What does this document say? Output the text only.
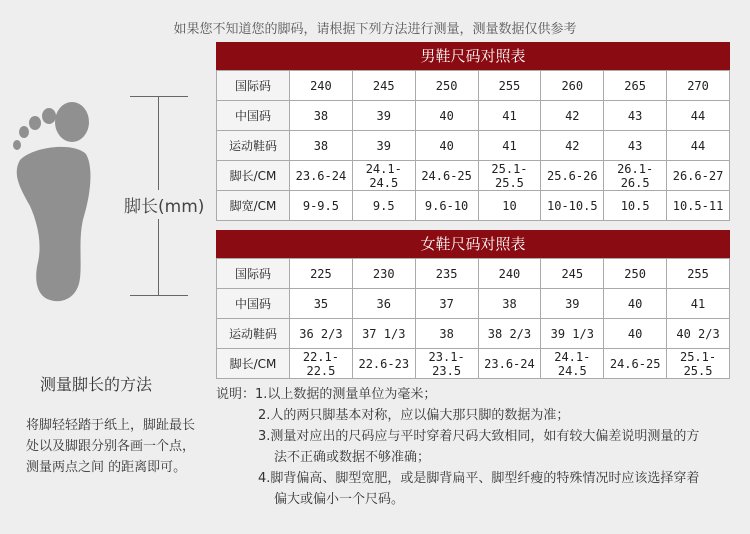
如果您不知道您的脚码，请根据下列方法进行测量，测量数据仅供参考
脚长(mm)
男鞋尺码对照表
国际码	240	245	250	255	260	265	270
中国码	38	39	40	41	42	43	44
运动鞋码	38	39	40	41	42	43	44
脚长/CM	23.6-24	24.1-24.5	24.6-25	25.1-25.5	25.6-26	26.1-26.5	26.6-27
脚宽/CM	9-9.5	9.5	9.6-10	10	10-10.5	10.5	10.5-11
女鞋尺码对照表
国际码	225	230	235	240	245	250	255
中国码	35	36	37	38	39	40	41
运动鞋码	36 2/3	37 1/3	38	38 2/3	39 1/3	40	40 2/3
脚长/CM	22.1-22.5	22.6-23	23.1-23.5	23.6-24	24.1-24.5	24.6-25	25.1-25.5
测量脚长的方法
将脚轻轻踏于纸上，脚趾最长处以及脚跟分别各画一个点，测量两点之间 的距离即可。
说明：1.以上数据的测量单位为毫米；
2.人的两只脚基本对称，应以偏大那只脚的数据为准；
3.测量对应出的尺码应与平时穿着尺码大致相同，如有较大偏差说明测量的方
法不正确或数据不够准确；
4.脚背偏高、脚型宽肥，或是脚背扁平、脚型纤瘦的特殊情况时应该选择穿着
偏大或偏小一个尺码。
